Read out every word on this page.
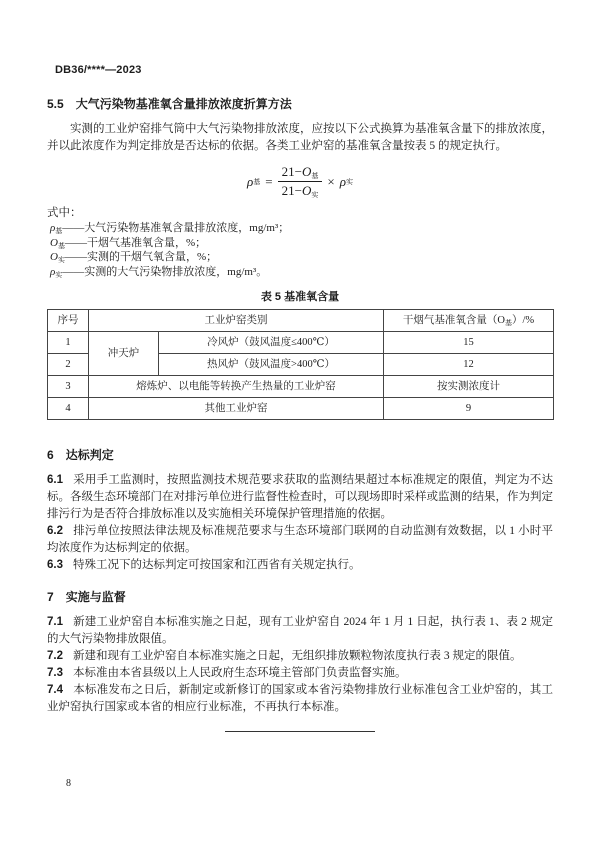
DB36/****—2023
5.5 大气污染物基准氧含量排放浓度折算方法

实测的工业炉窑排气筒中大气污染物排放浓度，应按以下公式换算为基准氧含量下的排放浓度，并以此浓度作为判定排放是否达标的依据。各类工业炉窑的基准氧含量按表 5 的规定执行。

ρ 基 = $\frac{21-O_基}{21-O_实} \times \rho$ 实
式中：
$\rho_基——$大气污染物基准氧含量排放浓度，mg/m³；
$O_基——$干烟气基准氧含量，%；
$O_实——$实测的干烟气氧含量，%；
$\rho_实——$实测的大气污染物排放浓度，mg/m³。
表 5 基准氧含量
序号	工业炉窑类别		干烟气基准氧含量$(O_基)/\%$
1	冲天炉	冷风炉（鼓风温度≤400℃）	15
2		热风炉（鼓风温度>400℃）	12
3	熔炼炉、以电能等转换产生热量的工业炉窑		按实测浓度计
4	其他工业炉窑		9
6 达标判定

6.1 采用手工监测时，按照监测技术规范要求获取的监测结果超过本标准规定的限值，判定为不达标。各级生态环境部门在对排污单位进行监督性检查时，可以现场即时采样或监测的结果，作为判定排污行为是否符合排放标准以及实施相关环境保护管理措施的依据。

6.2 排污单位按照法律法规及标准规范要求与生态环境部门联网的自动监测有效数据，以 1 小时平均浓度作为达标判定的依据。

6.3 特殊工况下的达标判定可按国家和江西省有关规定执行。

7 实施与监督

7.1 新建工业炉窑自本标准实施之日起，现有工业炉窑自 2024 年 1 月 1 日起，执行表 1、表 2 规定的大气污染物排放限值。

7.2 新建和现有工业炉窑自本标准实施之日起，无组织排放颗粒物浓度执行表 3 规定的限值。

7.3 本标准由本省县级以上人民政府生态环境主管部门负责监督实施。

7.4 本标准发布之日后，新制定或新修订的国家或本省污染物排放行业标准包含工业炉窑的，其工业炉窑执行国家或本省的相应行业标准，不再执行本标准。

8
